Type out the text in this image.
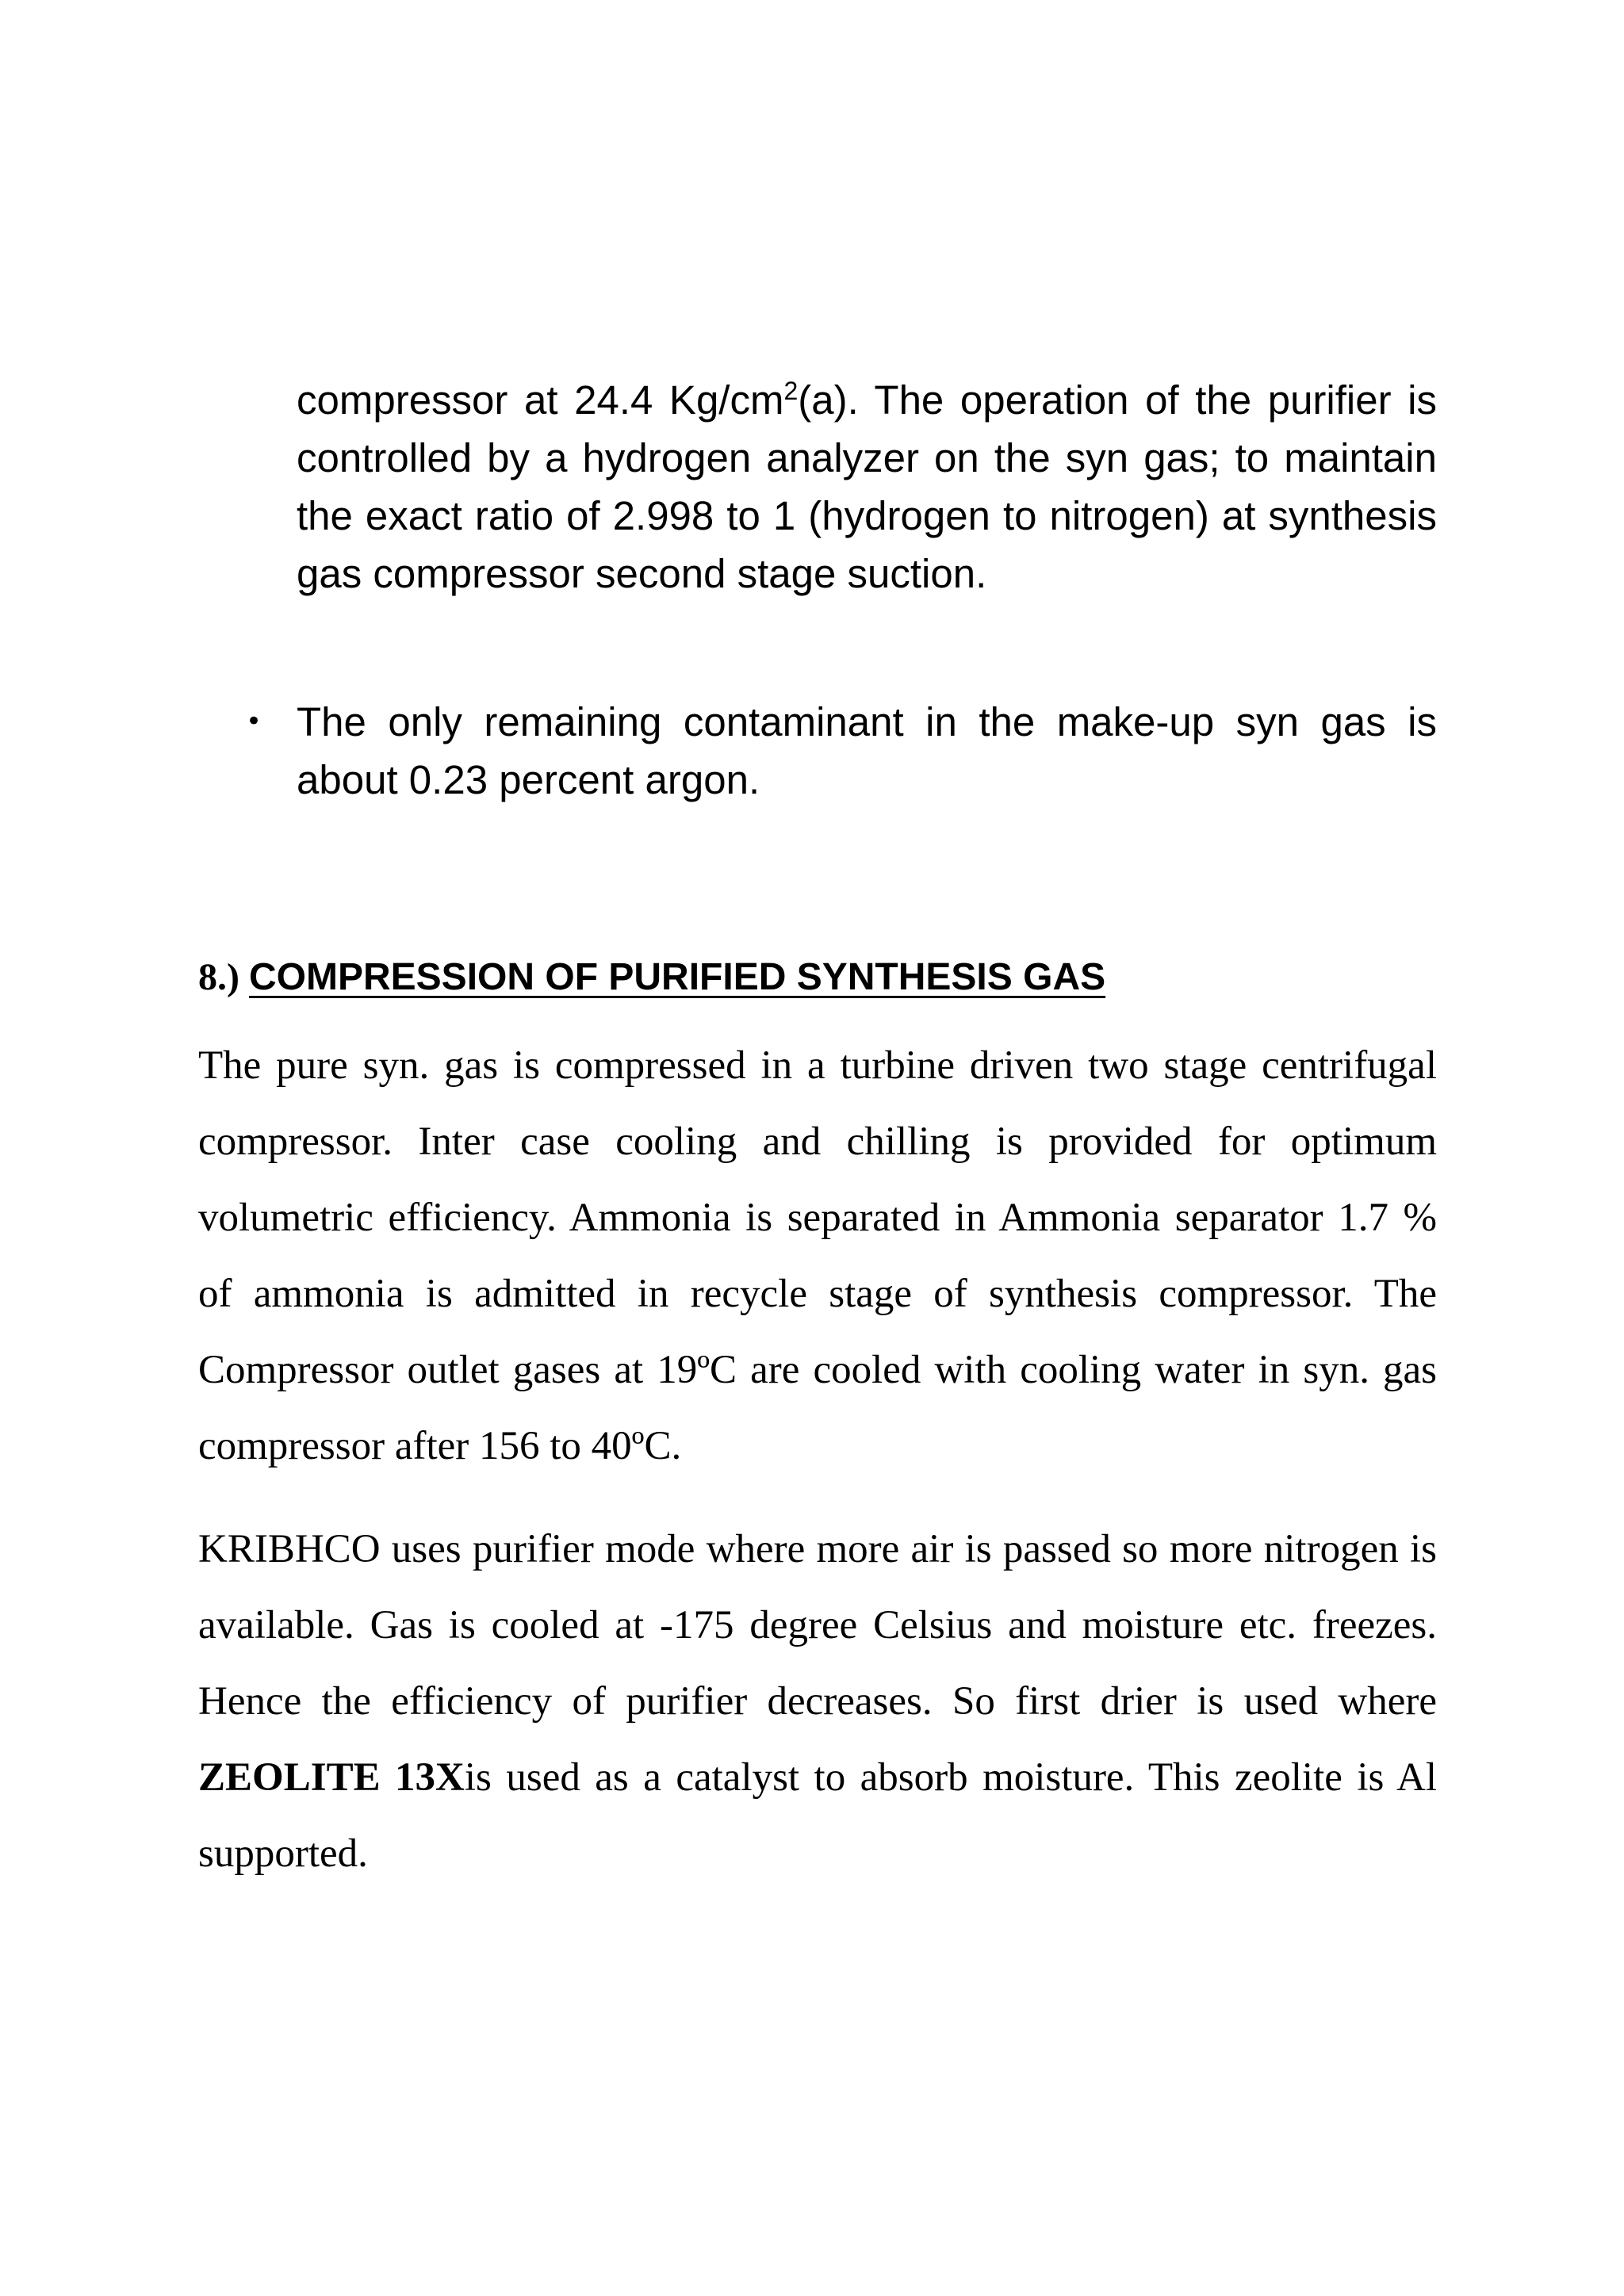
compressor at 24.4 $Kg/cm^2(a)$. The operation of the purifier is controlled by a hydrogen analyzer on the syn gas; to maintain the exact ratio of 2.998 to 1 (hydrogen to nitrogen) at synthesis gas compressor second stage suction.
• The only remaining contaminant in the make-up syn gas is about 0.23 percent argon.
8.) COMPRESSION OF PURIFIED SYNTHESIS GAS

The pure syn. gas is compressed in a turbine driven two stage centrifugal compressor. Inter case cooling and chilling is provided for optimum volumetric efficiency. Ammonia is separated in Ammonia separator 1.7 % of ammonia is admitted in recycle stage of synthesis compressor. The Compressor outlet gases at 19ºC are cooled with cooling water in syn. gas compressor after 156 to 40ºC.

KRIBHCO uses purifier mode where more air is passed so more nitrogen is available. Gas is cooled at -175 degree Celsius and moisture etc. freezes. Hence the efficiency of purifier decreases. So first drier is used where ZEOLITE 13Xis used as a catalyst to absorb moisture. This zeolite is Al supported.
